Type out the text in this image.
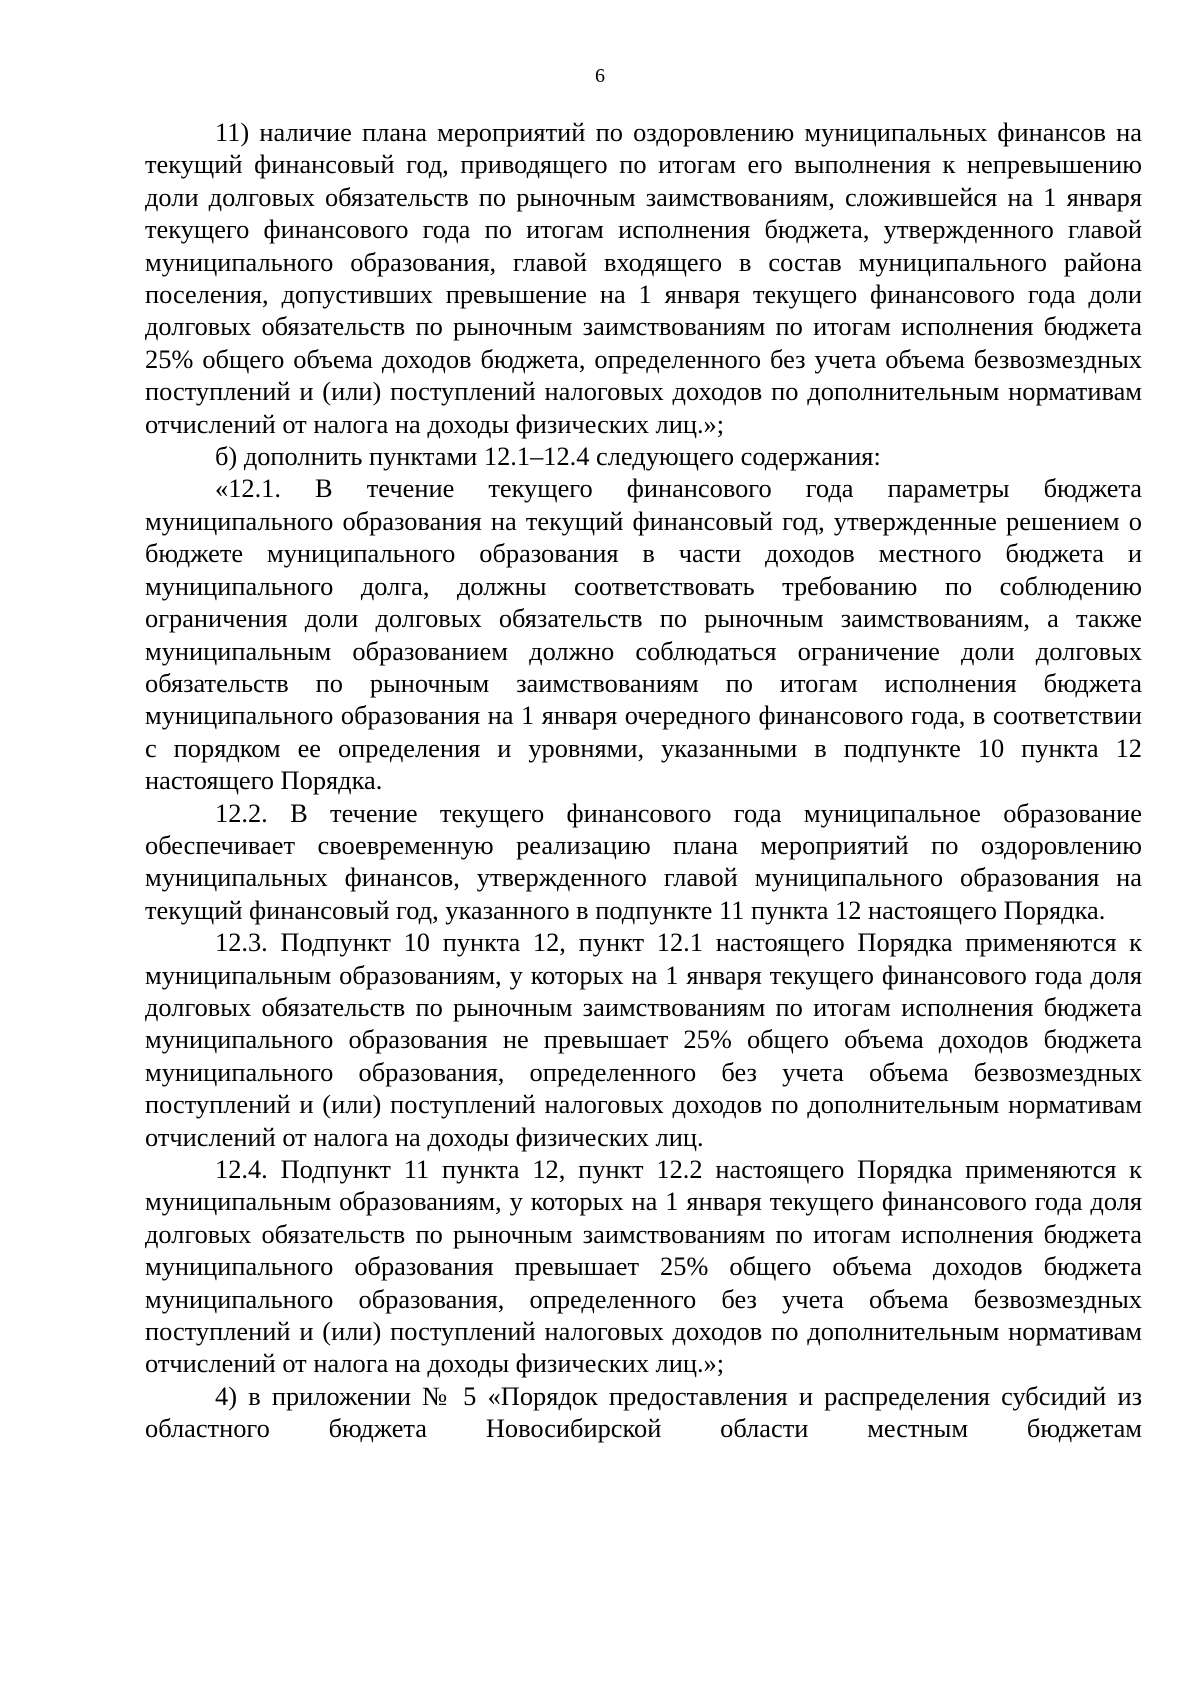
6

11) наличие плана мероприятий по оздоровлению муниципальных финансов на текущий финансовый год, приводящего по итогам его выполнения к непревышению доли долговых обязательств по рыночным заимствованиям, сложившейся на 1 января текущего финансового года по итогам исполнения бюджета, утвержденного главой муниципального образования, главой входящего в состав муниципального района поселения, допустивших превышение на 1 января текущего финансового года доли долговых обязательств по рыночным заимствованиям по итогам исполнения бюджета 25% общего объема доходов бюджета, определенного без учета объема безвозмездных поступлений и (или) поступлений налоговых доходов по дополнительным нормативам отчислений от налога на доходы физических лиц.»;

б) дополнить пунктами 12.1–12.4 следующего содержания:

«12.1. В течение текущего финансового года параметры бюджета муниципального образования на текущий финансовый год, утвержденные решением о бюджете муниципального образования в части доходов местного бюджета и муниципального долга, должны соответствовать требованию по соблюдению ограничения доли долговых обязательств по рыночным заимствованиям, а также муниципальным образованием должно соблюдаться ограничение доли долговых обязательств по рыночным заимствованиям по итогам исполнения бюджета муниципального образования на 1 января очередного финансового года, в соответствии с порядком ее определения и уровнями, указанными в подпункте 10 пункта 12 настоящего Порядка.

12.2. В течение текущего финансового года муниципальное образование обеспечивает своевременную реализацию плана мероприятий по оздоровлению муниципальных финансов, утвержденного главой муниципального образования на текущий финансовый год, указанного в подпункте 11 пункта 12 настоящего Порядка.

12.3. Подпункт 10 пункта 12, пункт 12.1 настоящего Порядка применяются к муниципальным образованиям, у которых на 1 января текущего финансового года доля долговых обязательств по рыночным заимствованиям по итогам исполнения бюджета муниципального образования не превышает 25% общего объема доходов бюджета муниципального образования, определенного без учета объема безвозмездных поступлений и (или) поступлений налоговых доходов по дополнительным нормативам отчислений от налога на доходы физических лиц.

12.4. Подпункт 11 пункта 12, пункт 12.2 настоящего Порядка применяются к муниципальным образованиям, у которых на 1 января текущего финансового года доля долговых обязательств по рыночным заимствованиям по итогам исполнения бюджета муниципального образования превышает 25% общего объема доходов бюджета муниципального образования, определенного без учета объема безвозмездных поступлений и (или) поступлений налоговых доходов по дополнительным нормативам отчислений от налога на доходы физических лиц.»;

4) в приложении № 5 «Порядок предоставления и распределения субсидий из областного бюджета Новосибирской области местным бюджетам
